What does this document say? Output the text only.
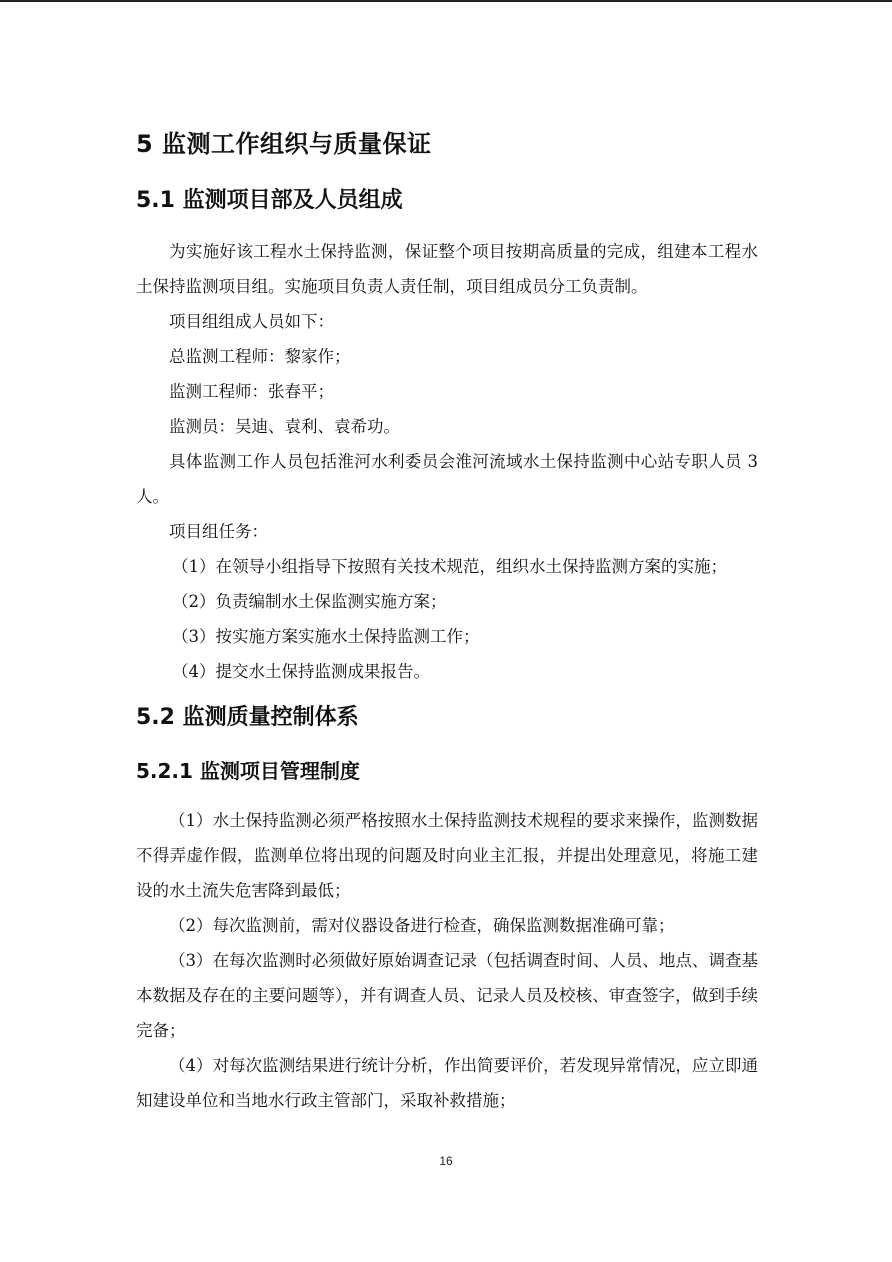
5 监测工作组织与质量保证
5.1 监测项目部及人员组成

为实施好该工程水土保持监测，保证整个项目按期高质量的完成，组建本工程水土保持监测项目组。实施项目负责人责任制，项目组成员分工负责制。

项目组组成人员如下：

总监测工程师：黎家作；

监测工程师：张春平；

监测员：吴迪、袁利、袁希功。

具体监测工作人员包括淮河水利委员会淮河流域水土保持监测中心站专职人员 3 人。

项目组任务：

（1）在领导小组指导下按照有关技术规范，组织水土保持监测方案的实施；

（2）负责编制水土保监测实施方案；

（3）按实施方案实施水土保持监测工作；

（4）提交水土保持监测成果报告。

5.2 监测质量控制体系
5.2.1 监测项目管理制度

（1）水土保持监测必须严格按照水土保持监测技术规程的要求来操作，监测数据不得弄虚作假，监测单位将出现的问题及时向业主汇报，并提出处理意见，将施工建设的水土流失危害降到最低；

（2）每次监测前，需对仪器设备进行检查，确保监测数据准确可靠；

（3）在每次监测时必须做好原始调查记录（包括调查时间、人员、地点、调查基本数据及存在的主要问题等），并有调查人员、记录人员及校核、审查签字，做到手续完备；

（4）对每次监测结果进行统计分析，作出简要评价，若发现异常情况，应立即通知建设单位和当地水行政主管部门，采取补救措施；

16
